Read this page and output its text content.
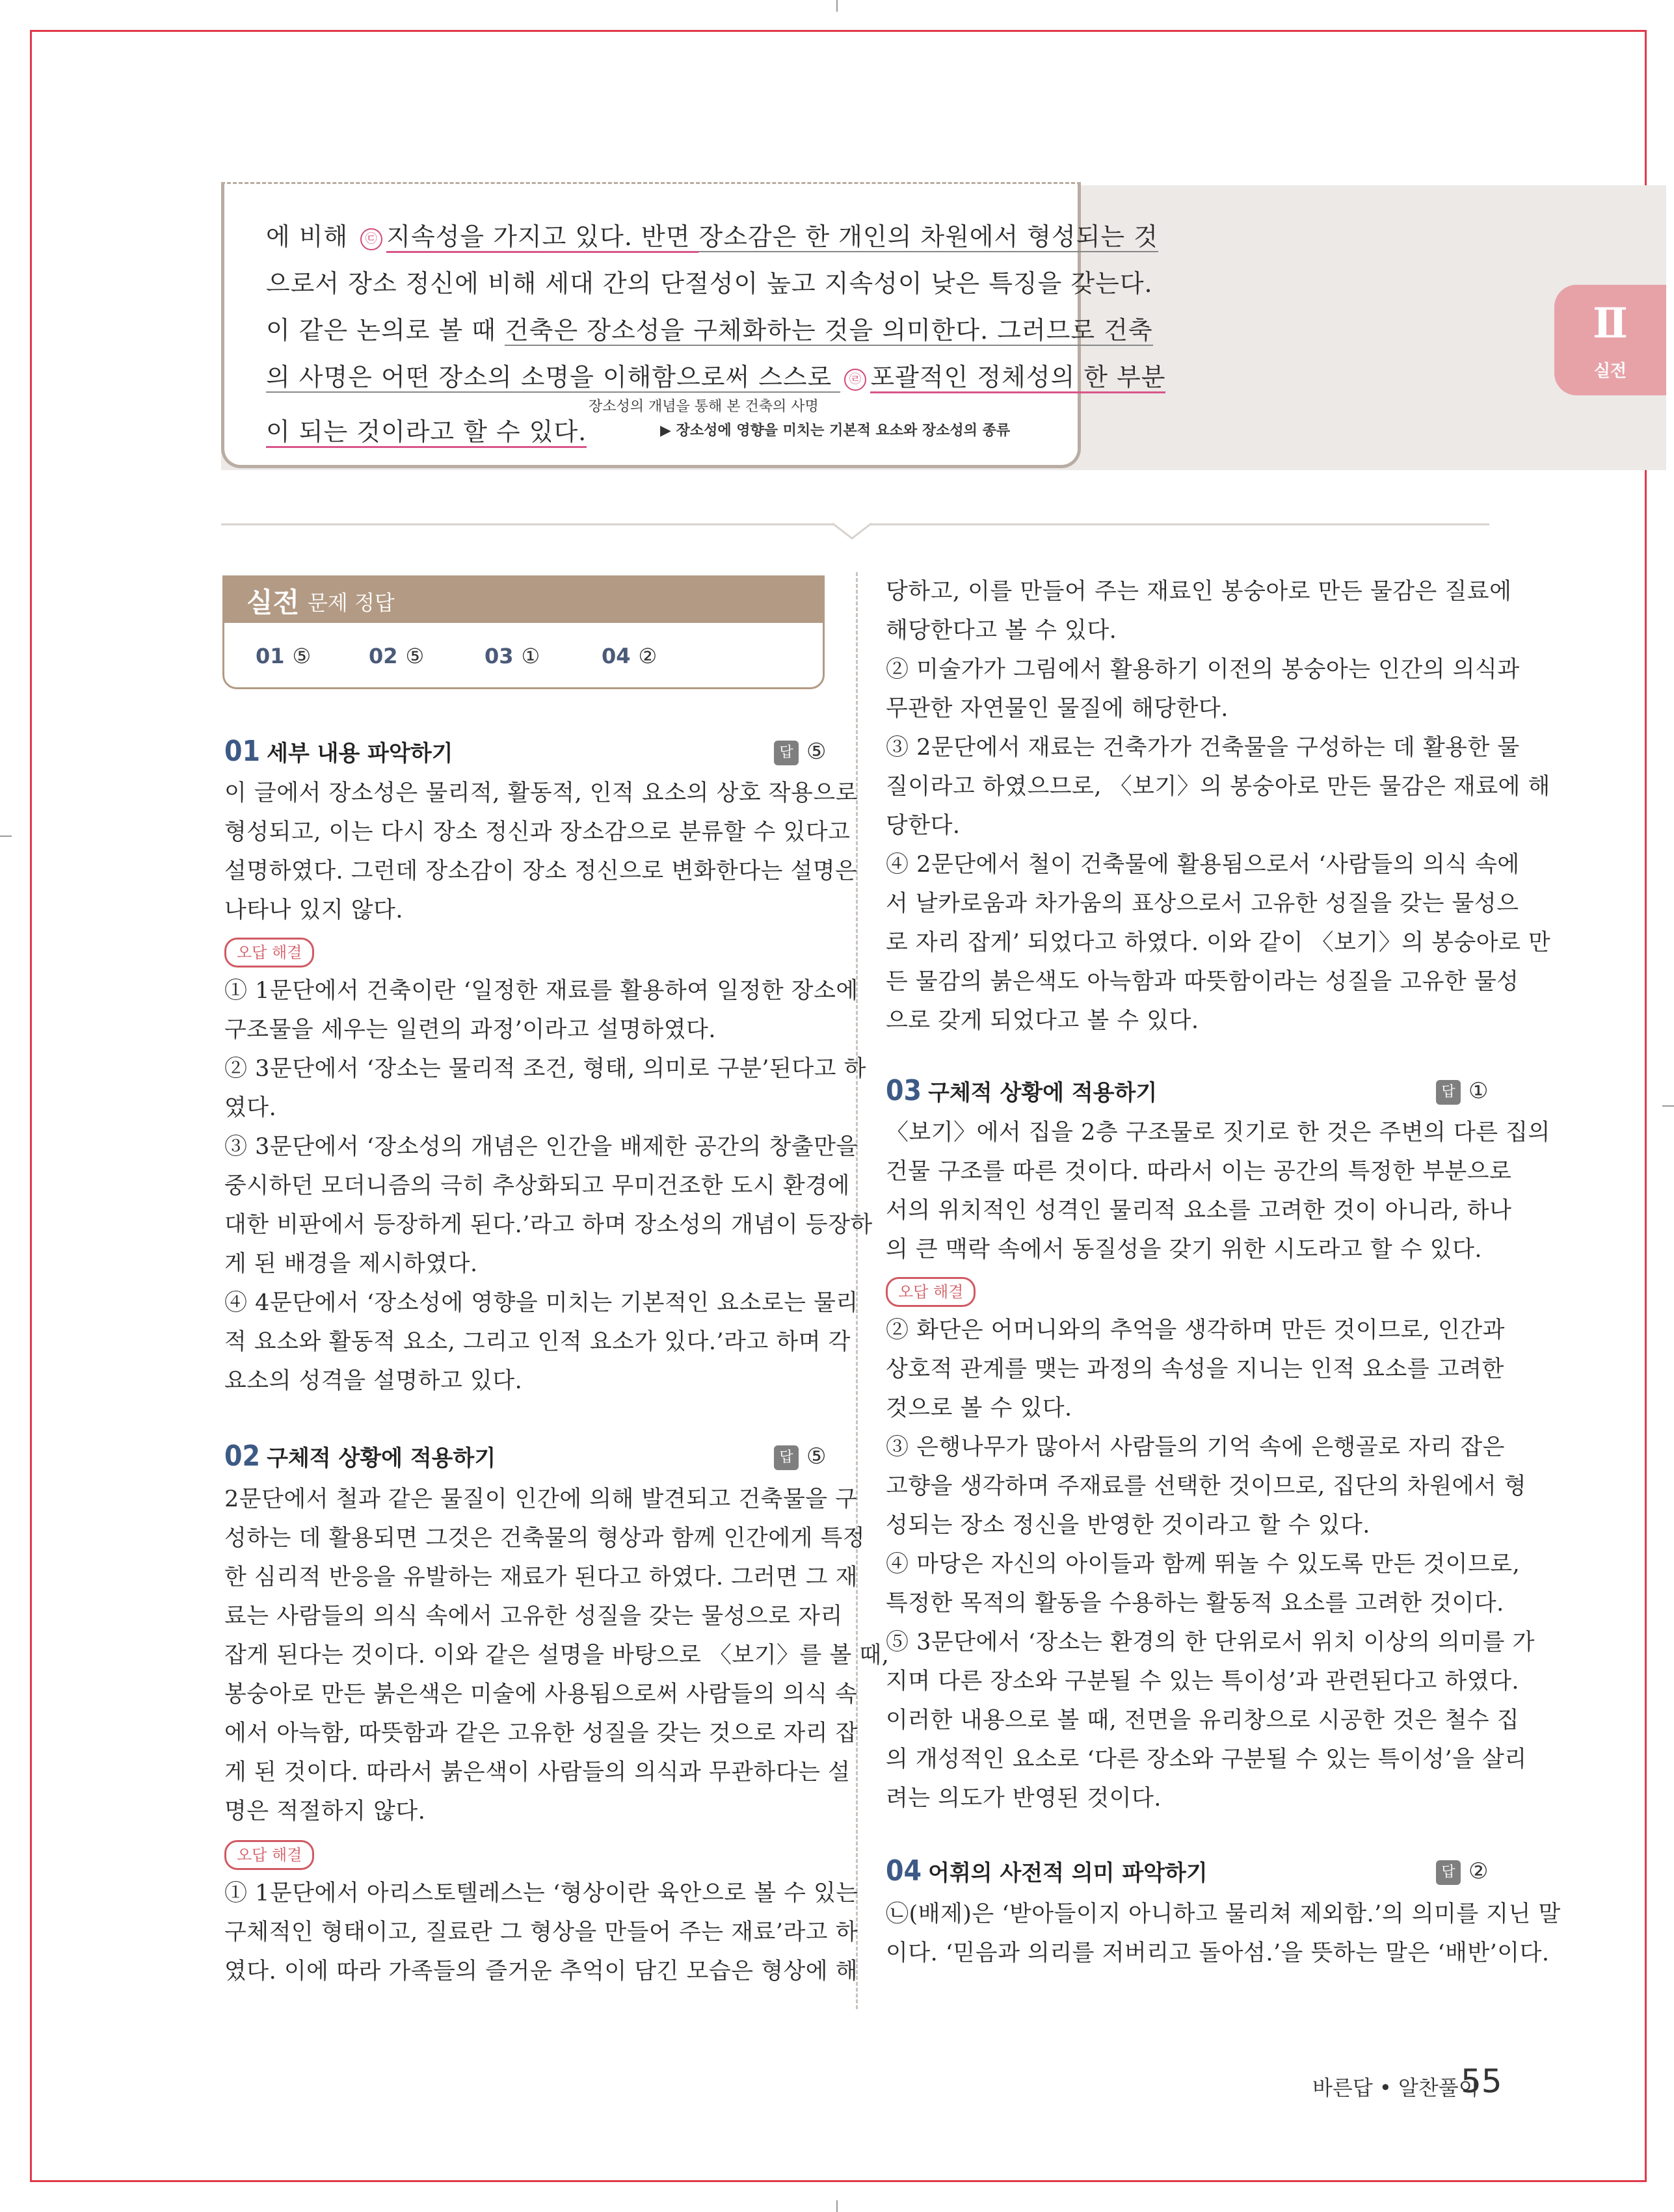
에 비해 ㉢ 지속성을 가지고 있다. 반면 장소감은 한 개인의 차원에서 형성되는 것
으로서 장소 정신에 비해 세대 간의 단절성이 높고 지속성이 낮은 특징을 갖는다.
이 같은 논의로 볼 때 건축은 장소성을 구체화하는 것을 의미한다. 그러므로 건축
의 사명은 어떤 장소의 소명을 이해함으로써 스스로 ㉣ 포괄적인 정체성의 한 부분
장소성의 개념을 통해 본 건축의 사명
이 되는 것이라고 할 수 있다.	▶ 장소성에 영향을 미치는 기본적 요소와 장소성의 종류
Ⅱ
실전
실전 문제 정답
01 ⑤	02 ⑤	03 ①	04 ②
01 세부 내용 파악하기	답 ⑤
이 글에서 장소성은 물리적, 활동적, 인적 요소의 상호 작용으로
형성되고, 이는 다시 장소 정신과 장소감으로 분류할 수 있다고
설명하였다. 그런데 장소감이 장소 정신으로 변화한다는 설명은
나타나 있지 않다.
오답 해결
① 1문단에서 건축이란 ‘일정한 재료를 활용하여 일정한 장소에
구조물을 세우는 일련의 과정’이라고 설명하였다.
② 3문단에서 ‘장소는 물리적 조건, 형태, 의미로 구분’된다고 하
였다.
③ 3문단에서 ‘장소성의 개념은 인간을 배제한 공간의 창출만을
중시하던 모더니즘의 극히 추상화되고 무미건조한 도시 환경에
대한 비판에서 등장하게 된다.’라고 하며 장소성의 개념이 등장하
게 된 배경을 제시하였다.
④ 4문단에서 ‘장소성에 영향을 미치는 기본적인 요소로는 물리
적 요소와 활동적 요소, 그리고 인적 요소가 있다.’라고 하며 각
요소의 성격을 설명하고 있다.
02 구체적 상황에 적용하기	답 ⑤
2문단에서 철과 같은 물질이 인간에 의해 발견되고 건축물을 구
성하는 데 활용되면 그것은 건축물의 형상과 함께 인간에게 특정
한 심리적 반응을 유발하는 재료가 된다고 하였다. 그러면 그 재
료는 사람들의 의식 속에서 고유한 성질을 갖는 물성으로 자리
잡게 된다는 것이다. 이와 같은 설명을 바탕으로 〈보기〉를 볼 때,
봉숭아로 만든 붉은색은 미술에 사용됨으로써 사람들의 의식 속
에서 아늑함, 따뜻함과 같은 고유한 성질을 갖는 것으로 자리 잡
게 된 것이다. 따라서 붉은색이 사람들의 의식과 무관하다는 설
명은 적절하지 않다.
오답 해결
① 1문단에서 아리스토텔레스는 ‘형상이란 육안으로 볼 수 있는
구체적인 형태이고, 질료란 그 형상을 만들어 주는 재료’라고 하
였다. 이에 따라 가족들의 즐거운 추억이 담긴 모습은 형상에 해
당하고, 이를 만들어 주는 재료인 봉숭아로 만든 물감은 질료에
해당한다고 볼 수 있다.
② 미술가가 그림에서 활용하기 이전의 봉숭아는 인간의 의식과
무관한 자연물인 물질에 해당한다.
③ 2문단에서 재료는 건축가가 건축물을 구성하는 데 활용한 물
질이라고 하였으므로, 〈보기〉의 봉숭아로 만든 물감은 재료에 해
당한다.
④ 2문단에서 철이 건축물에 활용됨으로서 ‘사람들의 의식 속에
서 날카로움과 차가움의 표상으로서 고유한 성질을 갖는 물성으
로 자리 잡게’ 되었다고 하였다. 이와 같이 〈보기〉의 봉숭아로 만
든 물감의 붉은색도 아늑함과 따뜻함이라는 성질을 고유한 물성
으로 갖게 되었다고 볼 수 있다.
03 구체적 상황에 적용하기	답 ①
〈보기〉에서 집을 2층 구조물로 짓기로 한 것은 주변의 다른 집의
건물 구조를 따른 것이다. 따라서 이는 공간의 특정한 부분으로
서의 위치적인 성격인 물리적 요소를 고려한 것이 아니라, 하나
의 큰 맥락 속에서 동질성을 갖기 위한 시도라고 할 수 있다.
오답 해결
② 화단은 어머니와의 추억을 생각하며 만든 것이므로, 인간과
상호적 관계를 맺는 과정의 속성을 지니는 인적 요소를 고려한
것으로 볼 수 있다.
③ 은행나무가 많아서 사람들의 기억 속에 은행골로 자리 잡은
고향을 생각하며 주재료를 선택한 것이므로, 집단의 차원에서 형
성되는 장소 정신을 반영한 것이라고 할 수 있다.
④ 마당은 자신의 아이들과 함께 뛰놀 수 있도록 만든 것이므로,
특정한 목적의 활동을 수용하는 활동적 요소를 고려한 것이다.
⑤ 3문단에서 ‘장소는 환경의 한 단위로서 위치 이상의 의미를 가
지며 다른 장소와 구분될 수 있는 특이성’과 관련된다고 하였다.
이러한 내용으로 볼 때, 전면을 유리창으로 시공한 것은 철수 집
의 개성적인 요소로 ‘다른 장소와 구분될 수 있는 특이성’을 살리
려는 의도가 반영된 것이다.
04 어휘의 사전적 의미 파악하기	답 ②
㉡(배제)은 ‘받아들이지 아니하고 물리쳐 제외함.’의 의미를 지닌 말
이다. ‘믿음과 의리를 저버리고 돌아섬.’을 뜻하는 말은 ‘배반’이다.
바른답 • 알찬풀이
55
